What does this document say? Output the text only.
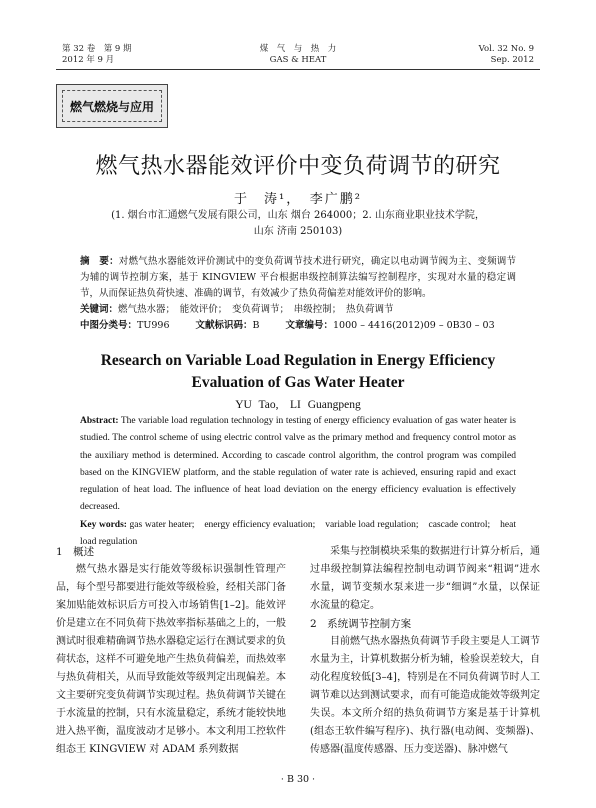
第 32 卷　第 9 期
2012 年 9 月
煤　气　与　热　力
GAS & HEAT
Vol. 32 No. 9
Sep. 2012
燃气燃烧与应用
燃气热水器能效评价中变负荷调节的研究
于　涛¹，　李广鹏²
(1. 烟台市汇通燃气发展有限公司，山东 烟台 264000；2. 山东商业职业技术学院，
山东 济南 250103)
摘　要：对燃气热水器能效评价测试中的变负荷调节技术进行研究，确定以电动调节阀为主、变频调节为辅的调节控制方案，基于 KINGVIEW 平台根据串级控制算法编写控制程序，实现对水量的稳定调节，从而保证热负荷快速、准确的调节，有效减少了热负荷偏差对能效评价的影响。
关键词：燃气热水器；　能效评价；　变负荷调节；　串级控制；　热负荷调节
中图分类号：TU996	文献标识码：B	文章编号：1000 – 4416(2012)09 – 0B30 – 03
Research on Variable Load Regulation in Energy Efficiency Evaluation of Gas Water Heater
YU Tao,　LI Guangpeng
Abstract: The variable load regulation technology in testing of energy efficiency evaluation of gas water heater is studied. The control scheme of using electric control valve as the primary method and frequency control motor as the auxiliary method is determined. According to cascade control algorithm, the control program was compiled based on the KINGVIEW platform, and the stable regulation of water rate is achieved, ensuring rapid and exact regulation of heat load. The influence of heat load deviation on the energy efficiency evaluation is effectively decreased.
Key words: gas water heater;　energy efficiency evaluation;　variable load regulation;　cascade control;　heat load regulation
1　概述

燃气热水器是实行能效等级标识强制性管理产品，每个型号都要进行能效等级检验，经相关部门备案加贴能效标识后方可投入市场销售[1–2]。能效评价是建立在不同负荷下热效率指标基础之上的，一般测试时很难精确调节热水器稳定运行在测试要求的负荷状态，这样不可避免地产生热负荷偏差，而热效率与热负荷相关，从而导致能效等级判定出现偏差。本文主要研究变负荷调节实现过程。热负荷调节关键在于水流量的控制，只有水流量稳定，系统才能较快地进入热平衡，温度波动才足够小。本文利用工控软件组态王 KINGVIEW 对 ADAM 系列数据

采集与控制模块采集的数据进行计算分析后，通过串级控制算法编程控制电动调节阀来“粗调”进水水量，调节变频水泵来进一步“细调”水量，以保证水流量的稳定。

2　系统调节控制方案

目前燃气热水器热负荷调节手段主要是人工调节水量为主，计算机数据分析为辅，检验误差较大，自动化程度较低[3–4]，特别是在不同负荷调节时人工调节难以达到测试要求，而有可能造成能效等级判定失误。本文所介绍的热负荷调节方案是基于计算机(组态王软件编写程序)、执行器(电动阀、变频器)、传感器(温度传感器、压力变送器)、脉冲燃气

· B 30 ·
